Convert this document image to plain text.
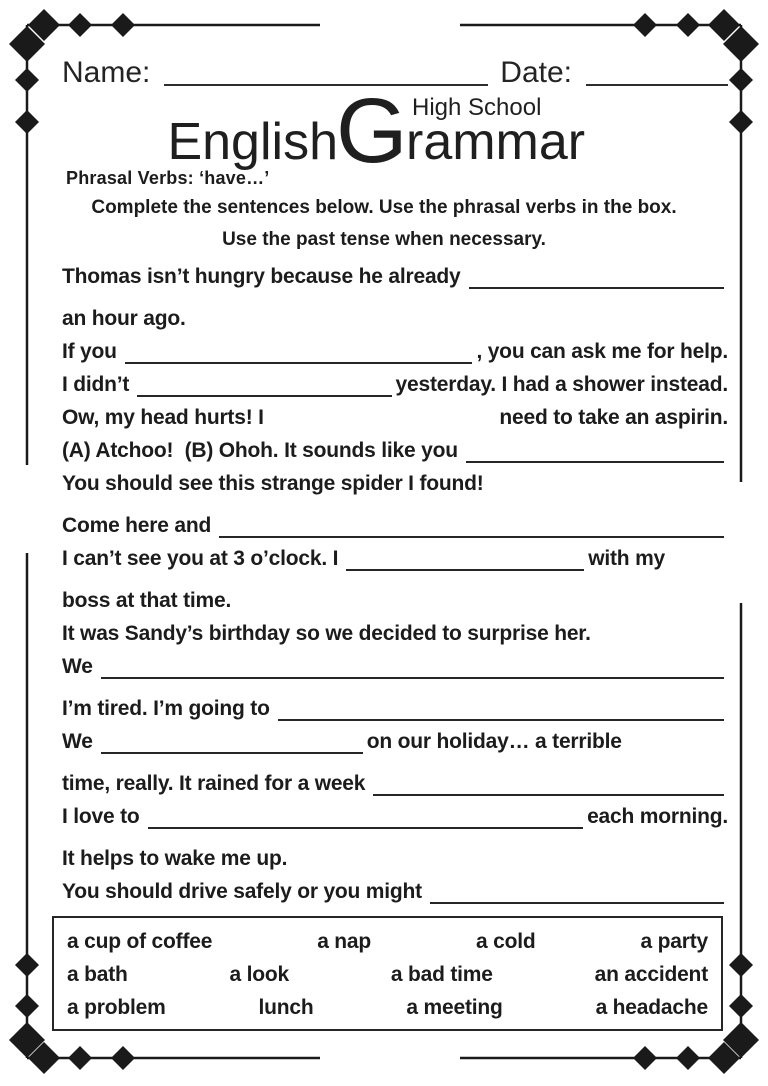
Name:	Date:
English
G High School
rammar
Phrasal Verbs: ‘have…’
Complete the sentences below. Use the phrasal verbs in the box.
Use the past tense when necessary.
Thomas isn’t hungry because he already
an hour ago.
If you	, you can ask me for help.
I didn’t	yesterday. I had a shower instead.
Ow, my head hurts! I	need to take an aspirin.
(A) Atchoo!  (B) Ohoh. It sounds like you
You should see this strange spider I found!
Come here and
I can’t see you at 3 o’clock. I	with my
boss at that time.
It was Sandy’s birthday so we decided to surprise her.
We
I’m tired. I’m going to
We	on our holiday… a terrible
time, really. It rained for a week
I love to	each morning.
It helps to wake me up.
You should drive safely or you might
a cup of coffee	a nap	a cold	a party
a bath	a look	a bad time	an accident
a problem	lunch	a meeting	a headache
